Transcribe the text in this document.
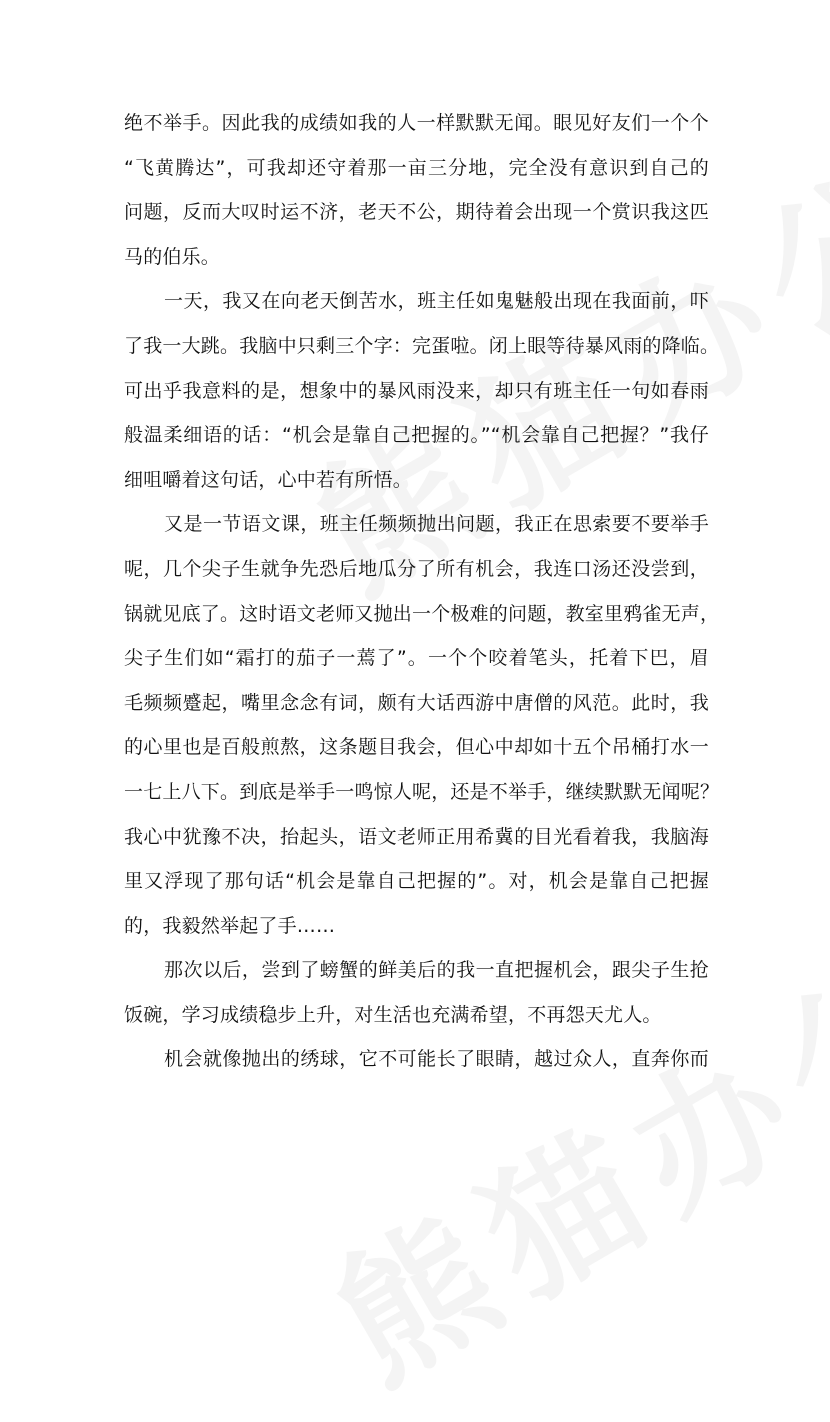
绝不举手。因此我的成绩如我的人一样默默无闻。眼见好友们一个个
“飞黄腾达”，可我却还守着那一亩三分地，完全没有意识到自己的
问题，反而大叹时运不济，老天不公，期待着会出现一个赏识我这匹
马的伯乐。
一天，我又在向老天倒苦水，班主任如鬼魅般出现在我面前，吓
了我一大跳。我脑中只剩三个字：完蛋啦。闭上眼等待暴风雨的降临。
可出乎我意料的是，想象中的暴风雨没来，却只有班主任一句如春雨
般温柔细语的话：“机会是靠自己把握的。”“机会靠自己把握？”我仔
细咀嚼着这句话，心中若有所悟。
又是一节语文课，班主任频频抛出问题，我正在思索要不要举手
呢，几个尖子生就争先恐后地瓜分了所有机会，我连口汤还没尝到，
锅就见底了。这时语文老师又抛出一个极难的问题，教室里鸦雀无声，
尖子生们如“霜打的茄子一蔫了”。一个个咬着笔头，托着下巴，眉
毛频频蹙起，嘴里念念有词，颇有大话西游中唐僧的风范。此时，我
的心里也是百般煎熬，这条题目我会，但心中却如十五个吊桶打水一
一七上八下。到底是举手一鸣惊人呢，还是不举手，继续默默无闻呢？
我心中犹豫不决，抬起头，语文老师正用希冀的目光看着我，我脑海
里又浮现了那句话“机会是靠自己把握的”。对，机会是靠自己把握
的，我毅然举起了手……
那次以后，尝到了螃蟹的鲜美后的我一直把握机会，跟尖子生抢
饭碗，学习成绩稳步上升，对生活也充满希望，不再怨天尤人。
机会就像抛出的绣球，它不可能长了眼睛，越过众人，直奔你而
